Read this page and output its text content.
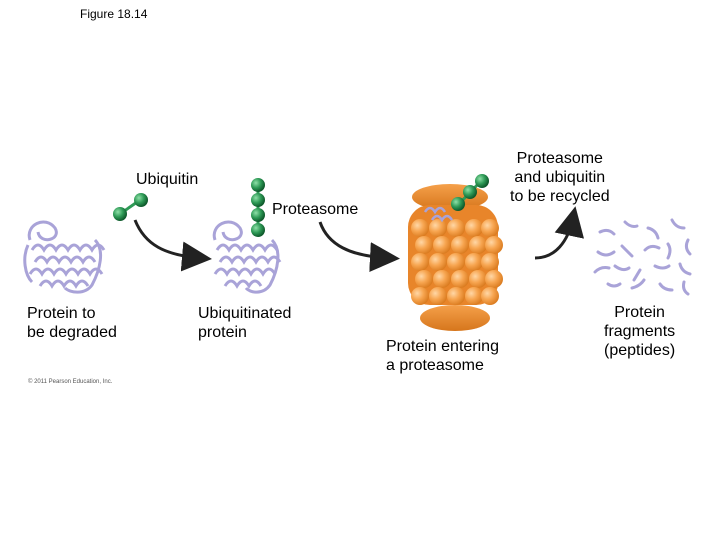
Figure 18.14
Ubiquitin
Proteasome
Proteasome
and ubiquitin
to be recycled
Protein to
be degraded
Ubiquitinated
protein
Protein entering
a proteasome
Protein
fragments
(peptides)
© 2011 Pearson Education, Inc.
